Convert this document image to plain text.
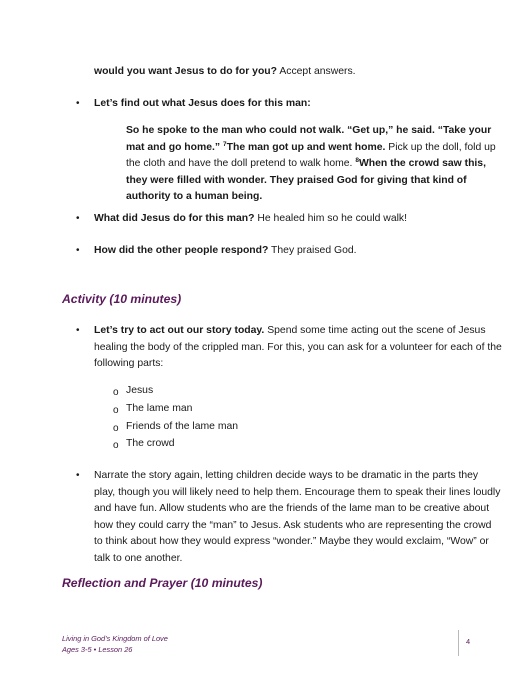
would you want Jesus to do for you? Accept answers.
• Let’s find out what Jesus does for this man:
So he spoke to the man who could not walk. “Get up,” he said. “Take your
mat and go home.” $^7$The man got up and went home. Pick up the doll, fold up
the cloth and have the doll pretend to walk home. $^8$When the crowd saw this,
they were filled with wonder. They praised God for giving that kind of
authority to a human being.
• What did Jesus do for this man? He healed him so he could walk!
• How did the other people respond? They praised God.
Activity (10 minutes)
• Let’s try to act out our story today. Spend some time acting out the scene of Jesus
healing the body of the crippled man. For this, you can ask for a volunteer for each of the
following parts:
o Jesus
o The lame man
o Friends of the lame man
o The crowd
• Narrate the story again, letting children decide ways to be dramatic in the parts they
play, though you will likely need to help them. Encourage them to speak their lines loudly
and have fun. Allow students who are the friends of the lame man to be creative about
how they could carry the “man” to Jesus. Ask students who are representing the crowd
to think about how they would express “wonder.” Maybe they would exclaim, “Wow” or
talk to one another.
Reflection and Prayer (10 minutes)
Living in God’s Kingdom of Love
Ages 3-5 • Lesson 26
4
